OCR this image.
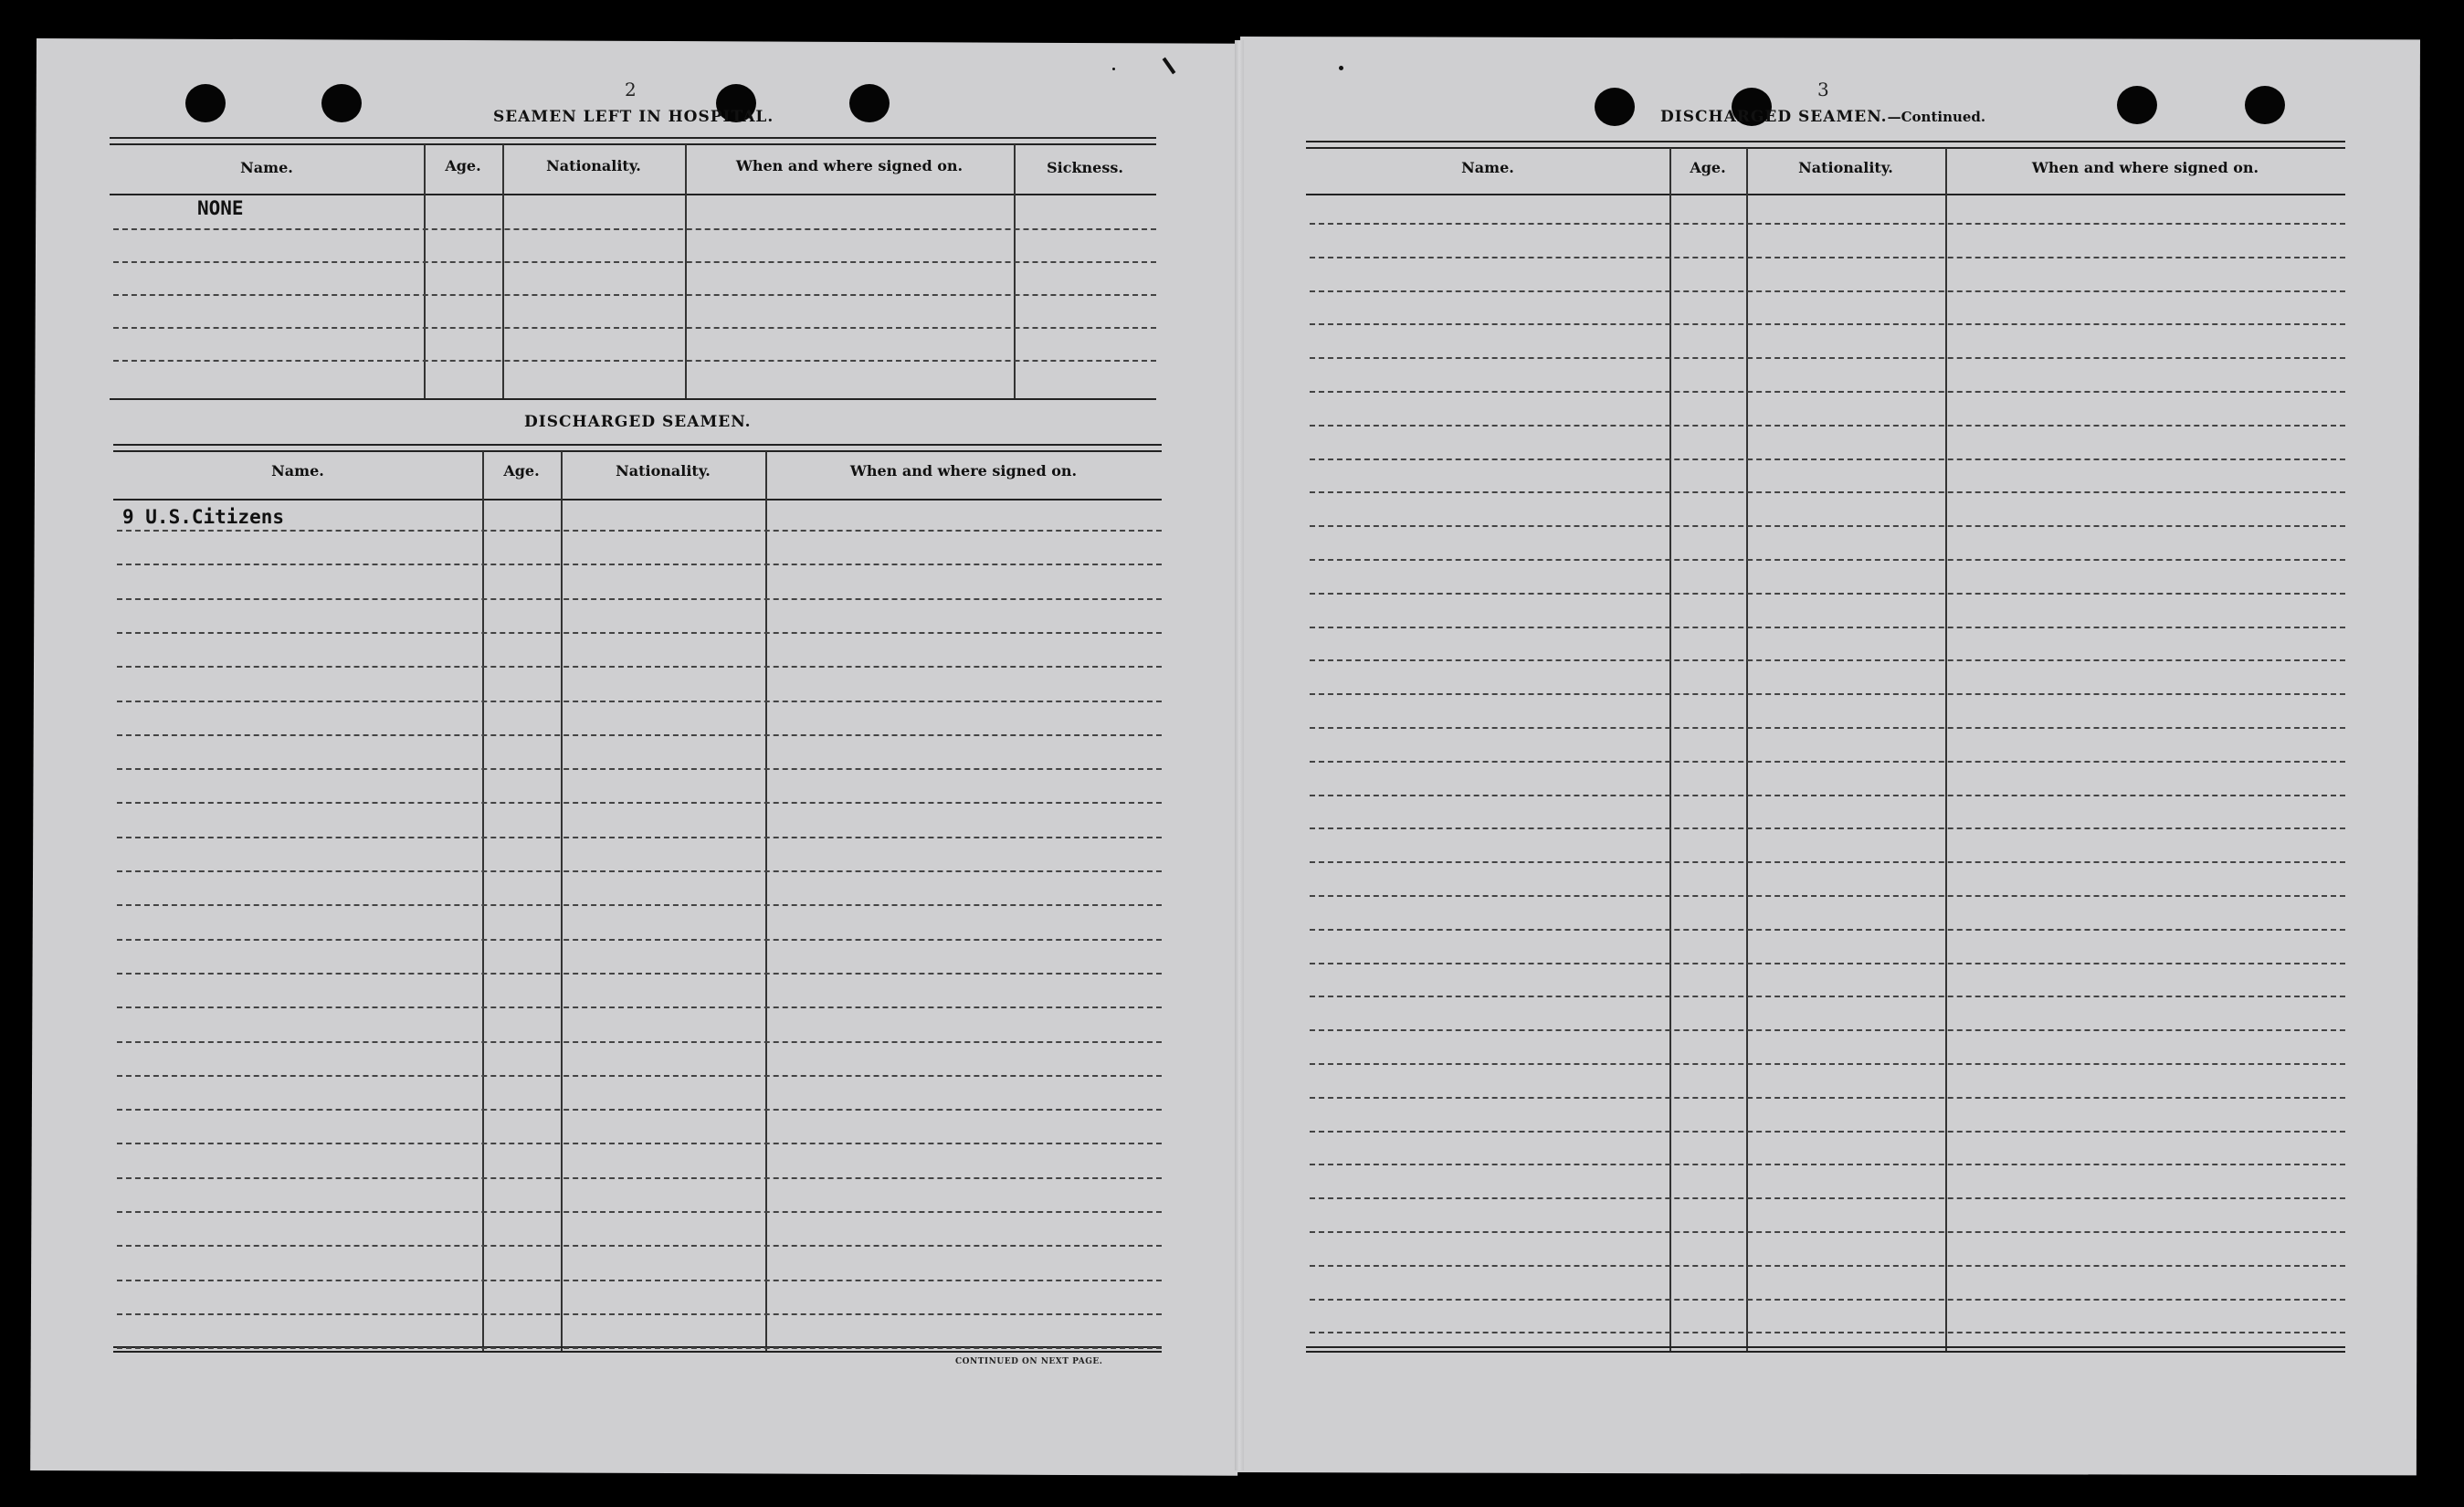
2
SEAMEN LEFT IN HOSPITAL.
Name.	Age.	Nationality.	When and where signed on.	Sickness.
NONE
DISCHARGED SEAMEN.
Name.	Age.	Nationality.	When and where signed on.
9 U.S.Citizens
CONTINUED ON NEXT PAGE.
3
DISCHARGED SEAMEN.—Continued.
Name.	Age.	Nationality.	When and where signed on.
